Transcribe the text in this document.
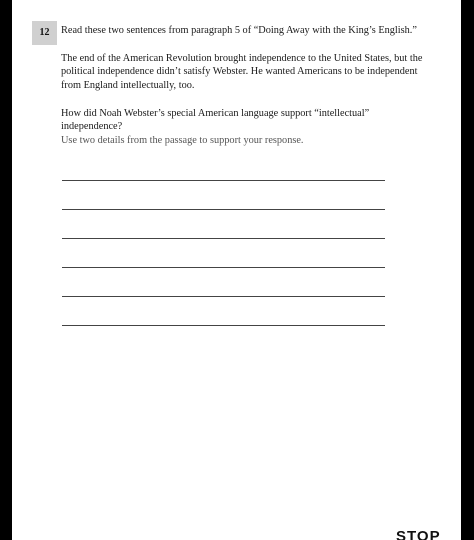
12	Read these two sentences from paragraph 5 of “Doing Away with the King’s English.”
The end of the American Revolution brought independence to the United States, but the
political independence didn’t satisfy Webster. He wanted Americans to be independent
from England intellectually, too.
How did Noah Webster’s special American language support “intellectual” independence?
Use two details from the passage to support your response.
STOP
